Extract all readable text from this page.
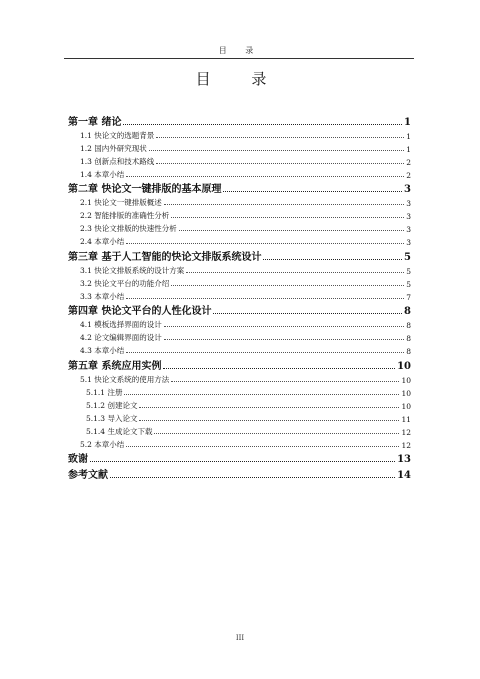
目 录
目 录
第一章 绪论	1
1.1 快论文的选题背景	1
1.2 国内外研究现状	1
1.3 创新点和技术路线	2
1.4 本章小结	2
第二章 快论文一键排版的基本原理	3
2.1 快论文一键排版概述	3
2.2 智能排版的准确性分析	3
2.3 快论文排版的快速性分析	3
2.4 本章小结	3
第三章 基于人工智能的快论文排版系统设计	5
3.1 快论文排版系统的设计方案	5
3.2 快论文平台的功能介绍	5
3.3 本章小结	7
第四章 快论文平台的人性化设计	8
4.1 模板选择界面的设计	8
4.2 论文编辑界面的设计	8
4.3 本章小结	8
第五章 系统应用实例	10
5.1 快论文系统的使用方法	10
5.1.1 注册	10
5.1.2 创建论文	10
5.1.3 导入论文	11
5.1.4 生成论文下载	12
5.2 本章小结	12
致谢	13
参考文献	14
III
